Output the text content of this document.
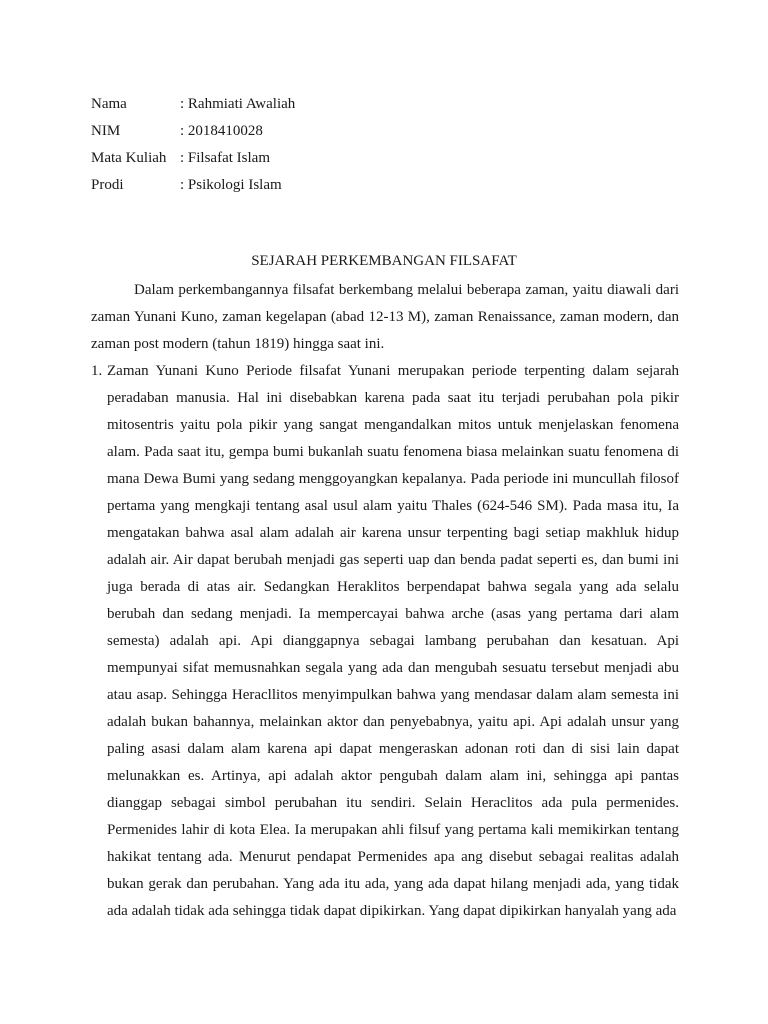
Nama	: Rahmiati Awaliah
NIM	: 2018410028
Mata Kuliah : Filsafat Islam
Prodi	: Psikologi Islam
SEJARAH PERKEMBANGAN FILSAFAT
Dalam perkembangannya filsafat berkembang melalui beberapa zaman, yaitu diawali dari
zaman Yunani Kuno, zaman kegelapan (abad 12-13 M), zaman Renaissance, zaman modern, dan
zaman post modern (tahun 1819) hingga saat ini.
1. Zaman Yunani Kuno Periode filsafat Yunani merupakan periode terpenting dalam sejarah
peradaban manusia. Hal ini disebabkan karena pada saat itu terjadi perubahan pola pikir
mitosentris yaitu pola pikir yang sangat mengandalkan mitos untuk menjelaskan fenomena
alam. Pada saat itu, gempa bumi bukanlah suatu fenomena biasa melainkan suatu fenomena di
mana Dewa Bumi yang sedang menggoyangkan kepalanya. Pada periode ini muncullah filosof
pertama yang mengkaji tentang asal usul alam yaitu Thales (624-546 SM). Pada masa itu, Ia
mengatakan bahwa asal alam adalah air karena unsur terpenting bagi setiap makhluk hidup
adalah air. Air dapat berubah menjadi gas seperti uap dan benda padat seperti es, dan bumi ini
juga berada di atas air. Sedangkan Heraklitos berpendapat bahwa segala yang ada selalu
berubah dan sedang menjadi. Ia mempercayai bahwa arche (asas yang pertama dari alam
semesta) adalah api. Api dianggapnya sebagai lambang perubahan dan kesatuan. Api
mempunyai sifat memusnahkan segala yang ada dan mengubah sesuatu tersebut menjadi abu
atau asap. Sehingga Heracllitos menyimpulkan bahwa yang mendasar dalam alam semesta ini
adalah bukan bahannya, melainkan aktor dan penyebabnya, yaitu api. Api adalah unsur yang
paling asasi dalam alam karena api dapat mengeraskan adonan roti dan di sisi lain dapat
melunakkan es. Artinya, api adalah aktor pengubah dalam alam ini, sehingga api pantas
dianggap sebagai simbol perubahan itu sendiri. Selain Heraclitos ada pula permenides.
Permenides lahir di kota Elea. Ia merupakan ahli filsuf yang pertama kali memikirkan tentang
hakikat tentang ada. Menurut pendapat Permenides apa ang disebut sebagai realitas adalah
bukan gerak dan perubahan. Yang ada itu ada, yang ada dapat hilang menjadi ada, yang tidak
ada adalah tidak ada sehingga tidak dapat dipikirkan. Yang dapat dipikirkan hanyalah yang ada
